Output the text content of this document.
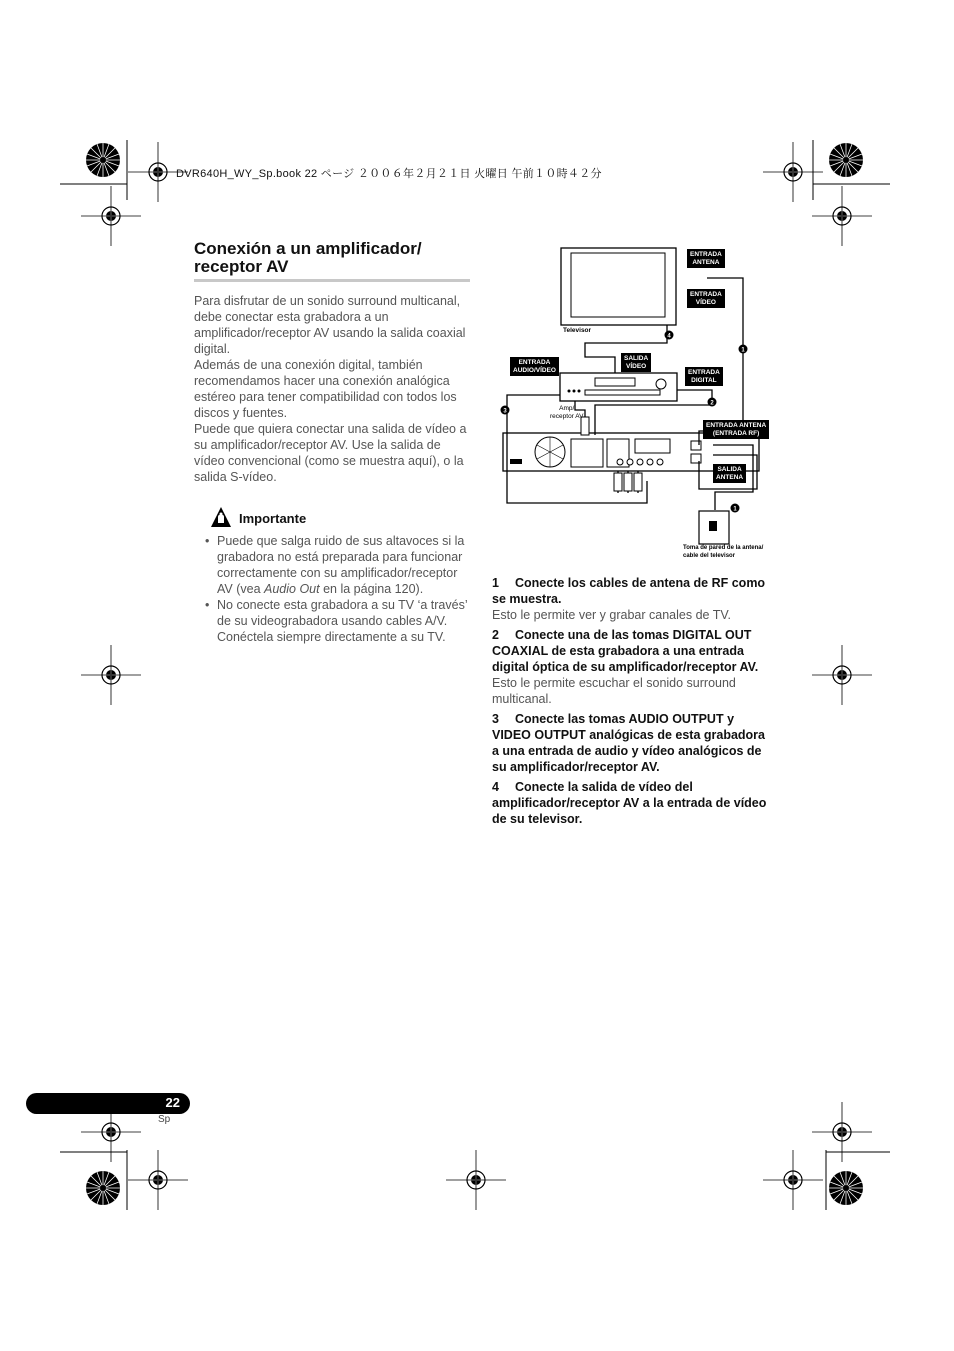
DVR640H_WY_Sp.book 22 ページ ２００６年２月２１日 火曜日 午前１０時４２分
Conexión a un amplificador/
receptor AV

Para disfrutar de un sonido surround multicanal, debe conectar esta grabadora a un amplificador/receptor AV usando la salida coaxial digital.

Además de una conexión digital, también recomendamos hacer una conexión analógica estéreo para tener compatibilidad con todos los discos y fuentes.

Puede que quiera conectar una salida de vídeo a su amplificador/receptor AV. Use la salida de vídeo convencional (como se muestra aquí), o la salida S-vídeo.

Importante
• Puede que salga ruido de sus altavoces si la grabadora no está preparada para funcionar correctamente con su amplificador/receptor AV (vea Audio Out en la página 120).
• No conecte esta grabadora a su TV ‘a través’ de su videograbadora usando cables A/V. Conéctela siempre directamente a su TV.
1
1
2
3
4
ENTRADA
ANTENA
ENTRADA
VÍDEO
Televisor
ENTRADA
AUDIO/VÍDEO
SALIDA
VÍDEO
ENTRADA
DIGITAL
Amp/
receptor AV
ENTRADA ANTENA
(ENTRADA RF)
SALIDA
ANTENA
Toma de pared de la antena/
cable del televisor

1 Conecte los cables de antena de RF como se muestra.

Esto le permite ver y grabar canales de TV.

2 Conecte una de las tomas DIGITAL OUT COAXIAL de esta grabadora a una entrada digital óptica de su amplificador/receptor AV.

Esto le permite escuchar el sonido surround multicanal.

3 Conecte las tomas AUDIO OUTPUT y VIDEO OUTPUT analógicas de esta grabadora a una entrada de audio y vídeo analógicos de su amplificador/receptor AV.

4 Conecte la salida de vídeo del amplificador/receptor AV a la entrada de vídeo de su televisor.

22
Sp
